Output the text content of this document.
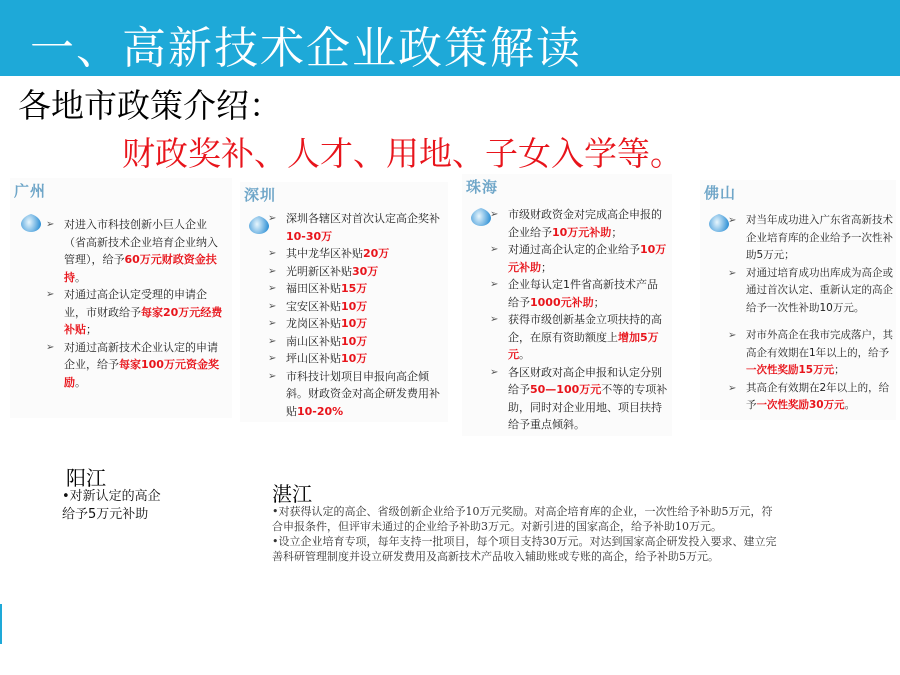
一、高新技术企业政策解读
各地市政策介绍：
财政奖补、人才、用地、子女入学等。
广州
➢ 对进入市科技创新小巨人企业（省高新技术企业培育企业纳入管理），给予60万元财政资金扶持。
➢ 对通过高企认定受理的申请企业，市财政给予每家20万元经费补贴；
➢ 对通过高新技术企业认定的申请企业，给予每家100万元资金奖励。
深圳
➢ 深圳各辖区对首次认定高企奖补10-30万
➢ 其中龙华区补贴20万
➢ 光明新区补贴30万
➢ 福田区补贴15万
➢ 宝安区补贴10万
➢ 龙岗区补贴10万
➢ 南山区补贴10万
➢ 坪山区补贴10万
➢ 市科技计划项目申报向高企倾斜。财政资金对高企研发费用补贴10-20%
珠海
➢ 市级财政资金对完成高企申报的企业给予10万元补助；
➢ 对通过高企认定的企业给予10万元补助；
➢ 企业每认定1件省高新技术产品给予1000元补助；
➢ 获得市级创新基金立项扶持的高企，在原有资助额度上增加5万元。
➢ 各区财政对高企申报和认定分别给予50—100万元不等的专项补助，同时对企业用地、项目扶持给予重点倾斜。
佛山
➢ 对当年成功进入广东省高新技术企业培育库的企业给予一次性补助5万元；
➢ 对通过培育成功出库成为高企或通过首次认定、重新认定的高企给予一次性补助10万元。
➢ 对市外高企在我市完成落户，其高企有效期在1年以上的，给予一次性奖励15万元；
➢ 其高企有效期在2年以上的，给予一次性奖励30万元。
阳江
•对新认定的高企给予5万元补助
湛江

•对获得认定的高企、省级创新企业给予10万元奖励。对高企培育库的企业，一次性给予补助5万元，符合申报条件，但评审未通过的企业给予补助3万元。对新引进的国家高企，给予补助10万元。

•设立企业培育专项，每年支持一批项目，每个项目支持30万元。对达到国家高企研发投入要求、建立完善科研管理制度并设立研发费用及高新技术产品收入辅助账或专账的高企，给予补助5万元。
